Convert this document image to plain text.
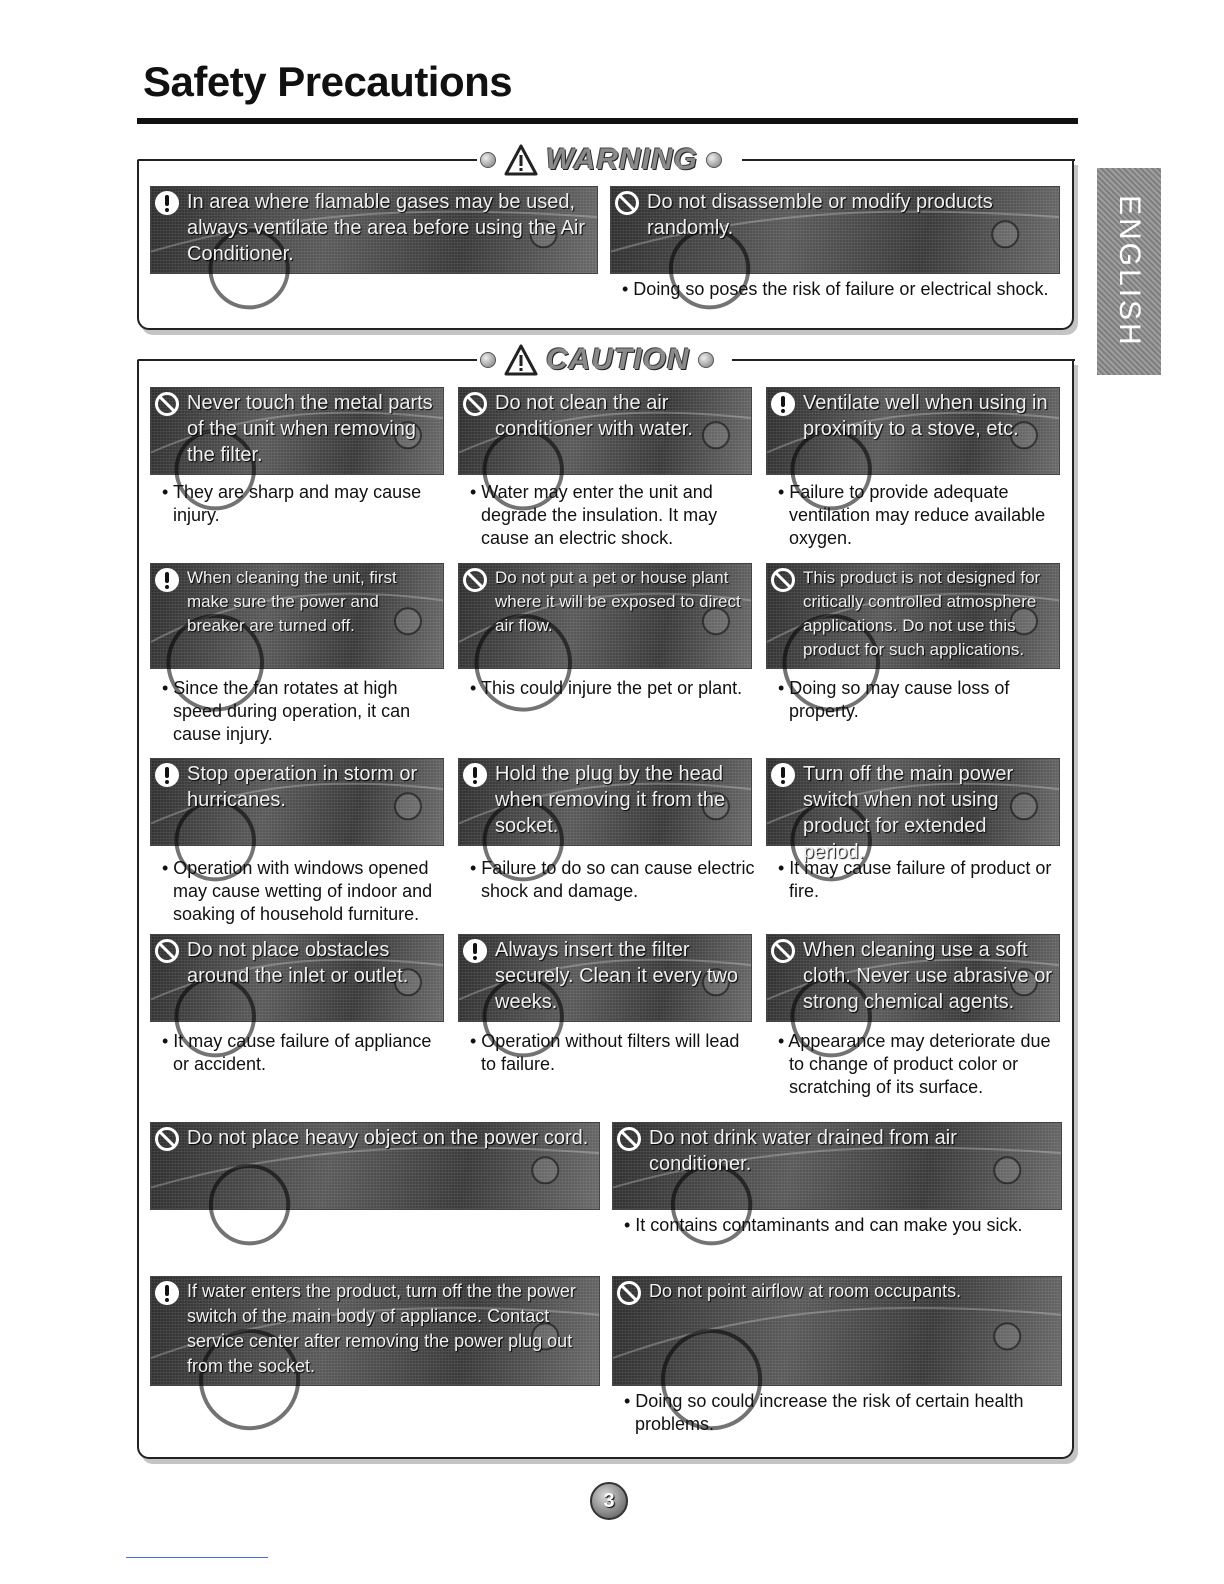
Safety Precautions
ENGLISH
WARNING
CAUTION
In area where flamable gases may be used, always ventilate the area before using the Air Conditioner.
Do not disassemble or modify products randomly.
• Doing so poses the risk of failure or electrical shock.
Never touch the metal parts of the unit when removing the filter.
• They are sharp and may cause injury.
Do not clean the air conditioner with water.
• Water may enter the unit and degrade the insulation. It may cause an electric shock.
Ventilate well when using in proximity to a stove, etc.
• Failure to provide adequate ventilation may reduce available oxygen.
When cleaning the unit, first make sure the power and breaker are turned off.
• Since the fan rotates at high speed during operation, it can cause injury.
Do not put a pet or house plant where it will be exposed to direct air flow.
• This could injure the pet or plant.
This product is not designed for critically controlled atmosphere applications. Do not use this product for such applications.
• Doing so may cause loss of property.
Stop operation in storm or hurricanes.
• Operation with windows opened may cause wetting of indoor and soaking of household furniture.
Hold the plug by the head when removing it from the socket.
• Failure to do so can cause electric shock and damage.
Turn off the main power switch when not using product for extended period.
• It may cause failure of product or fire.
Do not place obstacles around the inlet or outlet.
• It may cause failure of appliance or accident.
Always insert the filter securely. Clean it every two weeks.
• Operation without filters will lead to failure.
When cleaning use a soft cloth. Never use abrasive or strong chemical agents.
• Appearance may deteriorate due to change of product color or scratching of its surface.
Do not place heavy object on the power cord.	Do not drink water drained from air conditioner.
• It contains contaminants and can make you sick.
If water enters the product, turn off the the power switch of the main body of appliance. Contact service center after removing the power plug out from the socket.
Do not point airflow at room occupants.
• Doing so could increase the risk of certain health problems.
3
